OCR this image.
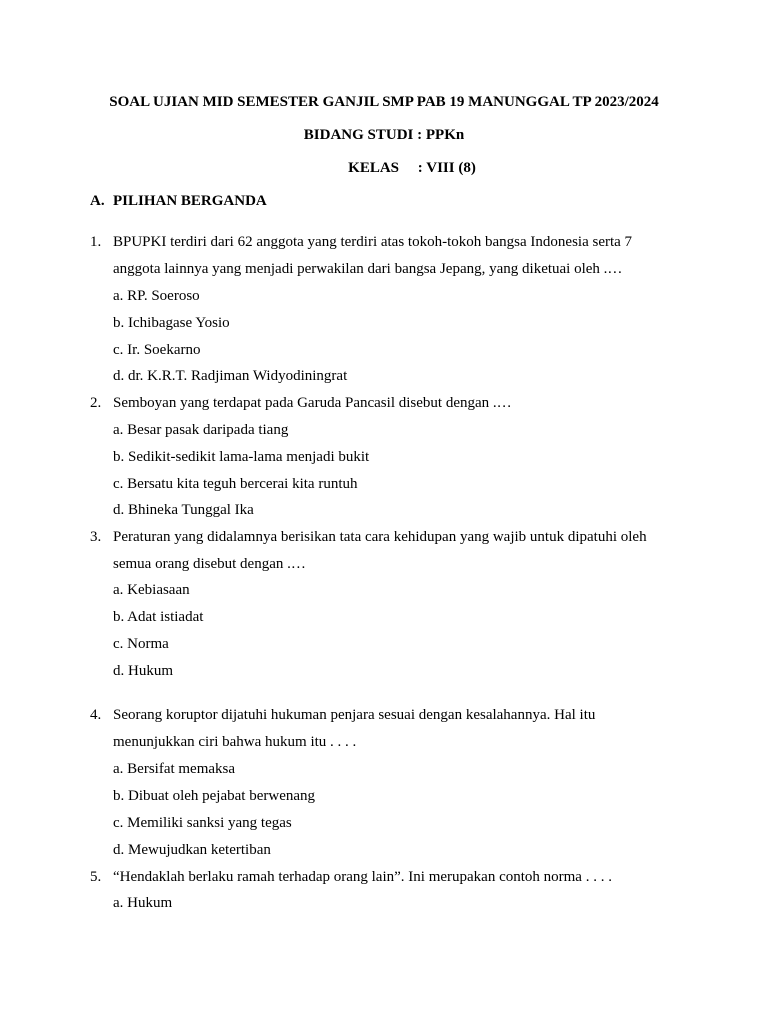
SOAL UJIAN MID SEMESTER GANJIL SMP PAB 19 MANUNGGAL TP 2023/2024
BIDANG STUDI : PPKn
KELAS     : VIII (8)
A. PILIHAN BERGANDA
1. BPUPKI terdiri dari 62 anggota yang terdiri atas tokoh-tokoh bangsa Indonesia serta 7
anggota lainnya yang menjadi perwakilan dari bangsa Jepang, yang diketuai oleh .…
a. RP. Soeroso
b. Ichibagase Yosio
c. Ir. Soekarno
d. dr. K.R.T. Radjiman Widyodiningrat
2. Semboyan yang terdapat pada Garuda Pancasil disebut dengan .…
a. Besar pasak daripada tiang
b. Sedikit-sedikit lama-lama menjadi bukit
c. Bersatu kita teguh bercerai kita runtuh
d. Bhineka Tunggal Ika
3. Peraturan yang didalamnya berisikan tata cara kehidupan yang wajib untuk dipatuhi oleh
semua orang disebut dengan .…
a. Kebiasaan
b. Adat istiadat
c. Norma
d. Hukum
4. Seorang koruptor dijatuhi hukuman penjara sesuai dengan kesalahannya. Hal itu
menunjukkan ciri bahwa hukum itu . . . .
a. Bersifat memaksa
b. Dibuat oleh pejabat berwenang
c. Memiliki sanksi yang tegas
d. Mewujudkan ketertiban
5. “Hendaklah berlaku ramah terhadap orang lain”. Ini merupakan contoh norma . . . .
a. Hukum
